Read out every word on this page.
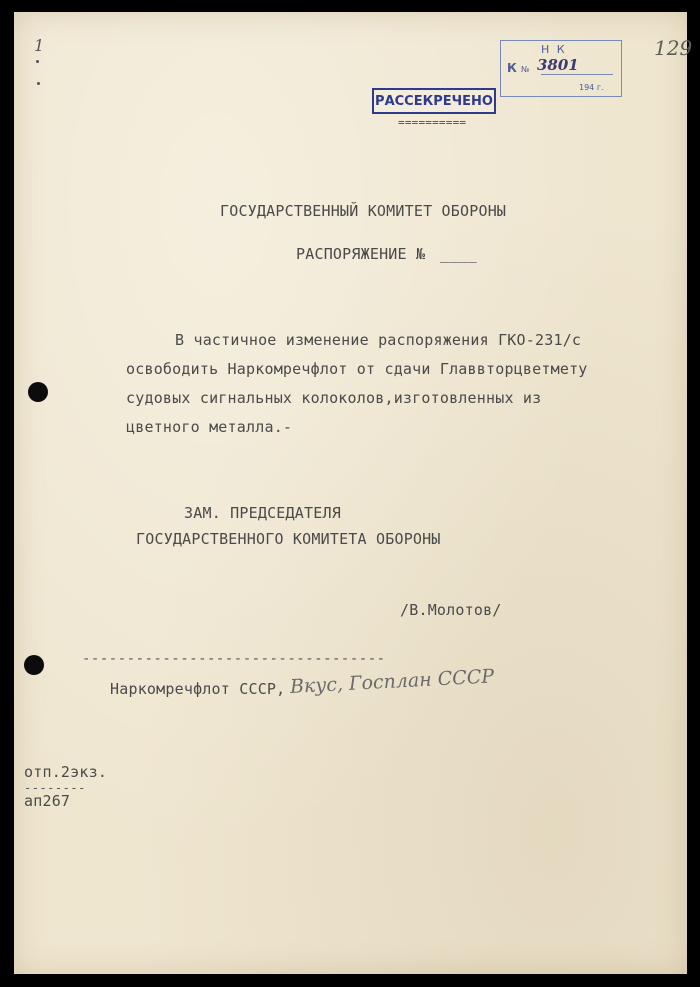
1	129
Н К
К № 3801
194 г.
РАССЕКРЕЧЕНО
==========
ГОСУДАРСТВЕННЫЙ КОМИТЕТ ОБОРОНЫ
РАСПОРЯЖЕНИЕ № ____
В частичное изменение распоряжения ГКО-231/с
освободить Наркомречфлот от сдачи Главвторцветмету
судовых сигнальных колоколов,изготовленных из
цветного металла.-
ЗАМ. ПРЕДСЕДАТЕЛЯ
ГОСУДАРСТВЕННОГО КОМИТЕТА ОБОРОНЫ
/В.Молотов/
----------------------------------
Наркомречфлот СССР, Вкус, Госплан СССР
отп.2экз.
--------
ап267
